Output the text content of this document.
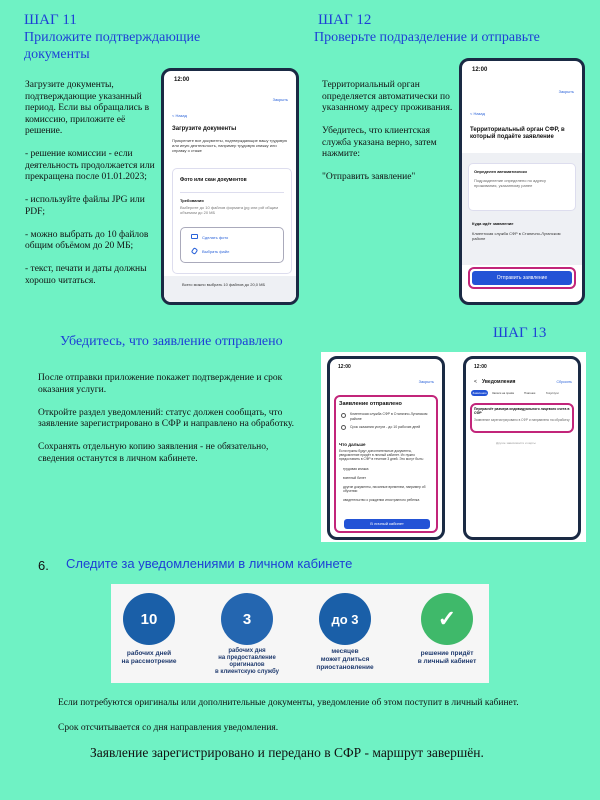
ШАГ 11
Приложите подтверждающие документы
Загрузите документы, подтверждающие указанный период. Если вы обращались в комиссию, приложите её решение.

- решение комиссии - если деятельность продолжается или прекращена после 01.01.2023;

- используйте файлы JPG или PDF;

- можно выбрать до 10 файлов общим объёмом до 20 МБ;

- текст, печати и даты должны хорошо читаться.
12:00
Закрыть
< Назад
Загрузите документы
Прикрепите все документы, подтверждающие вашу трудовую или иную деятельность, например трудовую книжку или справку о стаже
Фото или скан документов
Требования
Выберите до 10 файлов формата jpg или pdf общим объемом до 20 МБ
Сделать фото
Выбрать файл
Всего можно выбрать 10 файлов до 20,0 МБ
ШАГ 12
Проверьте подразделение и отправьте
Территориальный орган определяется автоматически по указанному адресу проживания.

Убедитесь, что клиентская служба указана верно, затем нажмите:

"Отправить заявление"
12:00
Закрыть
< Назад
Территориальный орган СФР, в который подаёте заявление
Определен автоматически
Подразделение определено по адресу проживания, указанному ранее
Куда идёт заявление
Клиентская служба СФР в Станично-Луганском районе
Отправить заявление
ШАГ 13
Убедитесь, что заявление отправлено
После отправки приложение покажет подтверждение и срок оказания услуги.

Откройте раздел уведомлений: статус должен сообщать, что заявление зарегистрировано в СФР и направлено на обработку.

Сохранять отдельную копию заявления - не обязательно, сведения останутся в личном кабинете.
12:00
Закрыть
Заявление отправлено
Клиентская служба СФР в Станично-Луганском районе
Срок оказания услуги - до 10 рабочих дней
Что дальше
Если нужны будут дополнительные документы, уведомление придёт в личный кабинет. Их нужно предоставить в СФР в течение 3 дней. Это могут быть:
трудовая книжка
военный билет
другие документы, писанные временем, например об обучении
свидетельство о рождении иностранного ребенка
В личный кабинет
12:00
< Уведомления	Сбросить
Заявления	Записи на приём	Платежи	Госуслуги
Перерасчёт размера индивидуального лицевого счета в СФР
Заявление зарегистрировано в СФР и направлено на обработку
Другие зависимости и карты
6. Следите за уведомлениями в личном кабинете
10	3	до 3	✓
рабочих дней
на рассмотрение
рабочих дня
на предоставление
оригиналов
в клиентскую службу
месяцев
может длиться
приостановление
решение придёт
в личный кабинет
Если потребуются оригиналы или дополнительные документы, уведомление об этом поступит в личный кабинет.
Срок отсчитывается со дня направления уведомления.
Заявление зарегистрировано и передано в СФР - маршрут завершён.
